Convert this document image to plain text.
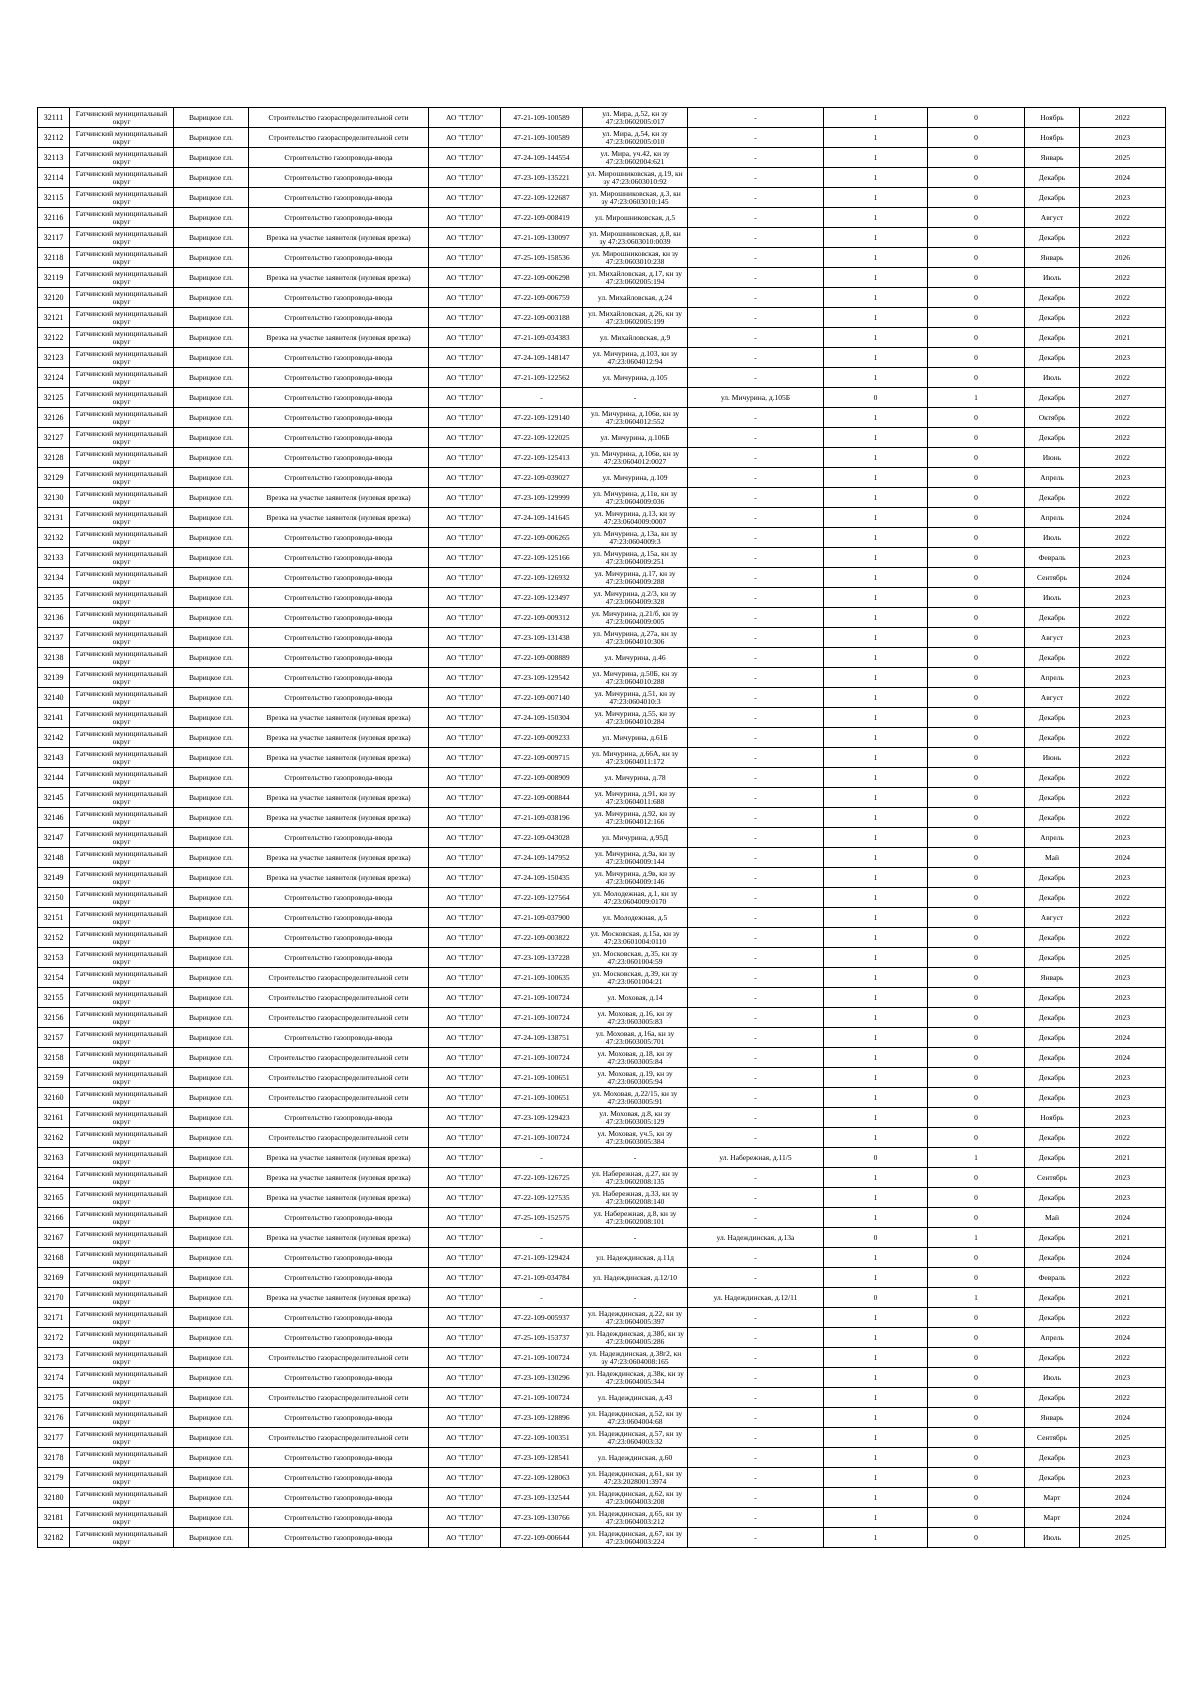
32111	Гатчинский муниципальный округ	Вырицкое г.п.	Строительство газораспределительной сети	АО "ГГЛО"	47-21-109-100589	ул. Мира, д.52, кн зу 47:23:0602005:017	-	1	0	Ноябрь	2022
32112	Гатчинский муниципальный округ	Вырицкое г.п.	Строительство газораспределительной сети	АО "ГГЛО"	47-21-109-100589	ул. Мира, д.54, кн зу 47:23:0602005:010	-	1	0	Ноябрь	2023
32113	Гатчинский муниципальный округ	Вырицкое г.п.	Строительство газопровода-ввода	АО "ГГЛО"	47-24-109-144554	ул. Мира, уч.42, кн зу 47:23:0602004:621	-	1	0	Январь	2025
32114	Гатчинский муниципальный округ	Вырицкое г.п.	Строительство газопровода-ввода	АО "ГГЛО"	47-23-109-135221	ул. Мирошниковская, д.19, кн зу 47:23:0603010:92	-	1	0	Декабрь	2024
32115	Гатчинский муниципальный округ	Вырицкое г.п.	Строительство газопровода-ввода	АО "ГГЛО"	47-22-109-122687	ул. Мирошниковская, д.3, кн зу 47:23:0603010:145	-	1	0	Декабрь	2023
32116	Гатчинский муниципальный округ	Вырицкое г.п.	Строительство газопровода-ввода	АО "ГГЛО"	47-22-109-008419	ул. Мирошниковская, д.5	-	1	0	Август	2022
32117	Гатчинский муниципальный округ	Вырицкое г.п.	Врезка на участке заявителя (нулевая врезка)	АО "ГГЛО"	47-21-109-130097	ул. Мирошниковская, д.8, кн зу 47:23:0603010:0039	-	1	0	Декабрь	2022
32118	Гатчинский муниципальный округ	Вырицкое г.п.	Строительство газопровода-ввода	АО "ГГЛО"	47-25-109-158536	ул. Мирошниковская, кн зу 47:23:0603010:238	-	1	0	Январь	2026
32119	Гатчинский муниципальный округ	Вырицкое г.п.	Врезка на участке заявителя (нулевая врезка)	АО "ГГЛО"	47-22-109-006298	ул. Михайловская, д.17, кн зу 47:23:0602005:194	-	1	0	Июль	2022
32120	Гатчинский муниципальный округ	Вырицкое г.п.	Строительство газопровода-ввода	АО "ГГЛО"	47-22-109-006759	ул. Михайловская, д.24	-	1	0	Декабрь	2022
32121	Гатчинский муниципальный округ	Вырицкое г.п.	Строительство газопровода-ввода	АО "ГГЛО"	47-22-109-003188	ул. Михайловская, д.26, кн зу 47:23:0602005:199	-	1	0	Декабрь	2022
32122	Гатчинский муниципальный округ	Вырицкое г.п.	Врезка на участке заявителя (нулевая врезка)	АО "ГГЛО"	47-21-109-034383	ул. Михайловская, д.9	-	1	0	Декабрь	2021
32123	Гатчинский муниципальный округ	Вырицкое г.п.	Строительство газопровода-ввода	АО "ГГЛО"	47-24-109-148147	ул. Мичурина, д.103, кн зу 47:23:0604012:94	-	1	0	Декабрь	2023
32124	Гатчинский муниципальный округ	Вырицкое г.п.	Строительство газопровода-ввода	АО "ГГЛО"	47-21-109-122562	ул. Мичурина, д.105	-	1	0	Июль	2022
32125	Гатчинский муниципальный округ	Вырицкое г.п.	Строительство газопровода-ввода	АО "ГГЛО"	-	-	ул. Мичурина, д.105Б	0	1	Декабрь	2027
32126	Гатчинский муниципальный округ	Вырицкое г.п.	Строительство газопровода-ввода	АО "ГГЛО"	47-22-109-129140	ул. Мичурина, д.106в, кн зу 47:23:0604012:552	-	1	0	Октябрь	2022
32127	Гатчинский муниципальный округ	Вырицкое г.п.	Строительство газопровода-ввода	АО "ГГЛО"	47-22-109-122025	ул. Мичурина, д.106Б	-	1	0	Декабрь	2022
32128	Гатчинский муниципальный округ	Вырицкое г.п.	Строительство газопровода-ввода	АО "ГГЛО"	47-22-109-125413	ул. Мичурина, д.106в, кн зу 47:23:0604012:0027	-	1	0	Июнь	2022
32129	Гатчинский муниципальный округ	Вырицкое г.п.	Строительство газопровода-ввода	АО "ГГЛО"	47-22-109-039027	ул. Мичурина, д.109	-	1	0	Апрель	2023
32130	Гатчинский муниципальный округ	Вырицкое г.п.	Врезка на участке заявителя (нулевая врезка)	АО "ГГЛО"	47-23-109-129999	ул. Мичурина, д.11в, кн зу 47:23:0604009:036	-	1	0	Декабрь	2022
32131	Гатчинский муниципальный округ	Вырицкое г.п.	Врезка на участке заявителя (нулевая врезка)	АО "ГГЛО"	47-24-109-141645	ул. Мичурина, д.13, кн зу 47:23:0604009:0007	-	1	0	Апрель	2024
32132	Гатчинский муниципальный округ	Вырицкое г.п.	Строительство газопровода-ввода	АО "ГГЛО"	47-22-109-006265	ул. Мичурина, д.13а, кн зу 47:23:0604009:3	-	1	0	Июль	2022
32133	Гатчинский муниципальный округ	Вырицкое г.п.	Строительство газопровода-ввода	АО "ГГЛО"	47-22-109-125166	ул. Мичурина, д.15а, кн зу 47:23:0604009:251	-	1	0	Февраль	2023
32134	Гатчинский муниципальный округ	Вырицкое г.п.	Строительство газопровода-ввода	АО "ГГЛО"	47-22-109-126932	ул. Мичурина, д.17, кн зу 47:23:0604009:288	-	1	0	Сентябрь	2024
32135	Гатчинский муниципальный округ	Вырицкое г.п.	Строительство газопровода-ввода	АО "ГГЛО"	47-22-109-123497	ул. Мичурина, д.2/3, кн зу 47:23:0604009:328	-	1	0	Июль	2023
32136	Гатчинский муниципальный округ	Вырицкое г.п.	Строительство газопровода-ввода	АО "ГГЛО"	47-22-109-009312	ул. Мичурина, д.21/б, кн зу 47:23:0604009:005	-	1	0	Декабрь	2022
32137	Гатчинский муниципальный округ	Вырицкое г.п.	Строительство газопровода-ввода	АО "ГГЛО"	47-23-109-131438	ул. Мичурина, д.27а, кн зу 47:23:0604010:306	-	1	0	Август	2023
32138	Гатчинский муниципальный округ	Вырицкое г.п.	Строительство газопровода-ввода	АО "ГГЛО"	47-22-109-008889	ул. Мичурина, д.46	-	1	0	Декабрь	2022
32139	Гатчинский муниципальный округ	Вырицкое г.п.	Строительство газопровода-ввода	АО "ГГЛО"	47-23-109-129542	ул. Мичурина, д.50Б, кн зу 47:23:0604010:288	-	1	0	Апрель	2023
32140	Гатчинский муниципальный округ	Вырицкое г.п.	Строительство газопровода-ввода	АО "ГГЛО"	47-22-109-007140	ул. Мичурина, д.51, кн зу 47:23:0604010:3	-	1	0	Август	2022
32141	Гатчинский муниципальный округ	Вырицкое г.п.	Врезка на участке заявителя (нулевая врезка)	АО "ГГЛО"	47-24-109-150304	ул. Мичурина, д.55, кн зу 47:23:0604010:284	-	1	0	Декабрь	2023
32142	Гатчинский муниципальный округ	Вырицкое г.п.	Врезка на участке заявителя (нулевая врезка)	АО "ГГЛО"	47-22-109-009233	ул. Мичурина, д.61Б	-	1	0	Декабрь	2022
32143	Гатчинский муниципальный округ	Вырицкое г.п.	Врезка на участке заявителя (нулевая врезка)	АО "ГГЛО"	47-22-109-009715	ул. Мичурина, д.66А, кн зу 47:23:0604011:172	-	1	0	Июнь	2022
32144	Гатчинский муниципальный округ	Вырицкое г.п.	Строительство газопровода-ввода	АО "ГГЛО"	47-22-109-008909	ул. Мичурина, д.78	-	1	0	Декабрь	2022
32145	Гатчинский муниципальный округ	Вырицкое г.п.	Врезка на участке заявителя (нулевая врезка)	АО "ГГЛО"	47-22-109-008844	ул. Мичурина, д.91, кн зу 47:23:0604011:688	-	1	0	Декабрь	2022
32146	Гатчинский муниципальный округ	Вырицкое г.п.	Врезка на участке заявителя (нулевая врезка)	АО "ГГЛО"	47-21-109-038196	ул. Мичурина, д.92, кн зу 47:23:0604012:166	-	1	0	Декабрь	2022
32147	Гатчинский муниципальный округ	Вырицкое г.п.	Строительство газопровода-ввода	АО "ГГЛО"	47-22-109-043028	ул. Мичурина, д.95Д	-	1	0	Апрель	2023
32148	Гатчинский муниципальный округ	Вырицкое г.п.	Врезка на участке заявителя (нулевая врезка)	АО "ГГЛО"	47-24-109-147952	ул. Мичурина, д.9а, кн зу 47:23:0604009:144	-	1	0	Май	2024
32149	Гатчинский муниципальный округ	Вырицкое г.п.	Врезка на участке заявителя (нулевая врезка)	АО "ГГЛО"	47-24-109-150435	ул. Мичурина, д.9в, кн зу 47:23:0604009:146	-	1	0	Декабрь	2023
32150	Гатчинский муниципальный округ	Вырицкое г.п.	Строительство газопровода-ввода	АО "ГГЛО"	47-22-109-127564	ул. Молодежная, д.1, кн зу 47:23:0604009:0170	-	1	0	Декабрь	2022
32151	Гатчинский муниципальный округ	Вырицкое г.п.	Строительство газопровода-ввода	АО "ГГЛО"	47-21-109-037900	ул. Молодежная, д.5	-	1	0	Август	2022
32152	Гатчинский муниципальный округ	Вырицкое г.п.	Строительство газопровода-ввода	АО "ГГЛО"	47-22-109-003822	ул. Московская, д.15а, кн зу 47:23:0601004:0110	-	1	0	Декабрь	2022
32153	Гатчинский муниципальный округ	Вырицкое г.п.	Строительство газопровода-ввода	АО "ГГЛО"	47-23-109-137228	ул. Московская, д.35, кн зу 47:23:0601004:59	-	1	0	Декабрь	2025
32154	Гатчинский муниципальный округ	Вырицкое г.п.	Строительство газораспределительной сети	АО "ГГЛО"	47-21-109-100635	ул. Московская, д.39, кн зу 47:23:0601004:21	-	1	0	Январь	2023
32155	Гатчинский муниципальный округ	Вырицкое г.п.	Строительство газораспределительной сети	АО "ГГЛО"	47-21-109-100724	ул. Моховая, д.14	-	1	0	Декабрь	2023
32156	Гатчинский муниципальный округ	Вырицкое г.п.	Строительство газораспределительной сети	АО "ГГЛО"	47-21-109-100724	ул. Моховая, д.16, кн зу 47:23:0603005:83	-	1	0	Декабрь	2023
32157	Гатчинский муниципальный округ	Вырицкое г.п.	Строительство газопровода-ввода	АО "ГГЛО"	47-24-109-138751	ул. Моховая, д.16а, кн зу 47:23:0603005:701	-	1	0	Декабрь	2024
32158	Гатчинский муниципальный округ	Вырицкое г.п.	Строительство газораспределительной сети	АО "ГГЛО"	47-21-109-100724	ул. Моховая, д.18, кн зу 47:23:0603005:84	-	1	0	Декабрь	2024
32159	Гатчинский муниципальный округ	Вырицкое г.п.	Строительство газораспределительной сети	АО "ГГЛО"	47-21-109-100651	ул. Моховая, д.19, кн зу 47:23:0603005:94	-	1	0	Декабрь	2023
32160	Гатчинский муниципальный округ	Вырицкое г.п.	Строительство газораспределительной сети	АО "ГГЛО"	47-21-109-100651	ул. Моховая, д.22/15, кн зу 47:23:0603005:91	-	1	0	Декабрь	2023
32161	Гатчинский муниципальный округ	Вырицкое г.п.	Строительство газопровода-ввода	АО "ГГЛО"	47-23-109-129423	ул. Моховая, д.8, кн зу 47:23:0603005:129	-	1	0	Ноябрь	2023
32162	Гатчинский муниципальный округ	Вырицкое г.п.	Строительство газораспределительной сети	АО "ГГЛО"	47-21-109-100724	ул. Моховая, уч.5, кн зу 47:23:0603005:384	-	1	0	Декабрь	2022
32163	Гатчинский муниципальный округ	Вырицкое г.п.	Врезка на участке заявителя (нулевая врезка)	АО "ГГЛО"	-	-	ул. Набережная, д.11/5	0	1	Декабрь	2021
32164	Гатчинский муниципальный округ	Вырицкое г.п.	Врезка на участке заявителя (нулевая врезка)	АО "ГГЛО"	47-22-109-126725	ул. Набережная, д.27, кн зу 47:23:0602008:135	-	1	0	Сентябрь	2023
32165	Гатчинский муниципальный округ	Вырицкое г.п.	Врезка на участке заявителя (нулевая врезка)	АО "ГГЛО"	47-22-109-127535	ул. Набережная, д.33, кн зу 47:23:0602008:140	-	1	0	Декабрь	2023
32166	Гатчинский муниципальный округ	Вырицкое г.п.	Строительство газопровода-ввода	АО "ГГЛО"	47-25-109-152575	ул. Набережная, д.8, кн зу 47:23:0602008:101	-	1	0	Май	2024
32167	Гатчинский муниципальный округ	Вырицкое г.п.	Врезка на участке заявителя (нулевая врезка)	АО "ГГЛО"	-	-	ул. Надеждинская, д.13а	0	1	Декабрь	2021
32168	Гатчинский муниципальный округ	Вырицкое г.п.	Строительство газопровода-ввода	АО "ГГЛО"	47-21-109-129424	ул. Надеждинская, д.11д	-	1	0	Декабрь	2024
32169	Гатчинский муниципальный округ	Вырицкое г.п.	Строительство газопровода-ввода	АО "ГГЛО"	47-21-109-034784	ул. Надеждинская, д.12/10	-	1	0	Февраль	2022
32170	Гатчинский муниципальный округ	Вырицкое г.п.	Врезка на участке заявителя (нулевая врезка)	АО "ГГЛО"	-	-	ул. Надеждинская, д.12/11	0	1	Декабрь	2021
32171	Гатчинский муниципальный округ	Вырицкое г.п.	Строительство газопровода-ввода	АО "ГГЛО"	47-22-109-005937	ул. Надеждинская, д.22, кн зу 47:23:0604005:397	-	1	0	Декабрь	2022
32172	Гатчинский муниципальный округ	Вырицкое г.п.	Строительство газопровода-ввода	АО "ГГЛО"	47-25-109-153737	ул. Надеждинская, д.38б, кн зу 47:23:0604005:286	-	1	0	Апрель	2024
32173	Гатчинский муниципальный округ	Вырицкое г.п.	Строительство газораспределительной сети	АО "ГГЛО"	47-21-109-100724	ул. Надеждинская, д.38г2, кн зу 47:23:0604008:165	-	1	0	Декабрь	2022
32174	Гатчинский муниципальный округ	Вырицкое г.п.	Строительство газопровода-ввода	АО "ГГЛО"	47-23-109-130296	ул. Надеждинская, д.38к, кн зу 47:23:0604005:344	-	1	0	Июль	2023
32175	Гатчинский муниципальный округ	Вырицкое г.п.	Строительство газораспределительной сети	АО "ГГЛО"	47-21-109-100724	ул. Надеждинская, д.43	-	1	0	Декабрь	2022
32176	Гатчинский муниципальный округ	Вырицкое г.п.	Строительство газопровода-ввода	АО "ГГЛО"	47-23-109-128896	ул. Надеждинская, д.52, кн зу 47:23:0604004:68	-	1	0	Январь	2024
32177	Гатчинский муниципальный округ	Вырицкое г.п.	Строительство газораспределительной сети	АО "ГГЛО"	47-22-109-100351	ул. Надеждинская, д.57, кн зу 47:23:0604003:32	-	1	0	Сентябрь	2025
32178	Гатчинский муниципальный округ	Вырицкое г.п.	Строительство газопровода-ввода	АО "ГГЛО"	47-23-109-128541	ул. Надеждинская, д.60	-	1	0	Декабрь	2023
32179	Гатчинский муниципальный округ	Вырицкое г.п.	Строительство газопровода-ввода	АО "ГГЛО"	47-22-109-128063	ул. Надеждинская, д.61, кн зу 47:23:2028001:3974	-	1	0	Декабрь	2023
32180	Гатчинский муниципальный округ	Вырицкое г.п.	Строительство газопровода-ввода	АО "ГГЛО"	47-23-109-132544	ул. Надеждинская, д.62, кн зу 47:23:0604003:208	-	1	0	Март	2024
32181	Гатчинский муниципальный округ	Вырицкое г.п.	Строительство газопровода-ввода	АО "ГГЛО"	47-23-109-130766	ул. Надеждинская, д.65, кн зу 47:23:0604003:212	-	1	0	Март	2024
32182	Гатчинский муниципальный округ	Вырицкое г.п.	Строительство газопровода-ввода	АО "ГГЛО"	47-22-109-006644	ул. Надеждинская, д.67, кн зу 47:23:0604003:224	-	1	0	Июль	2025
